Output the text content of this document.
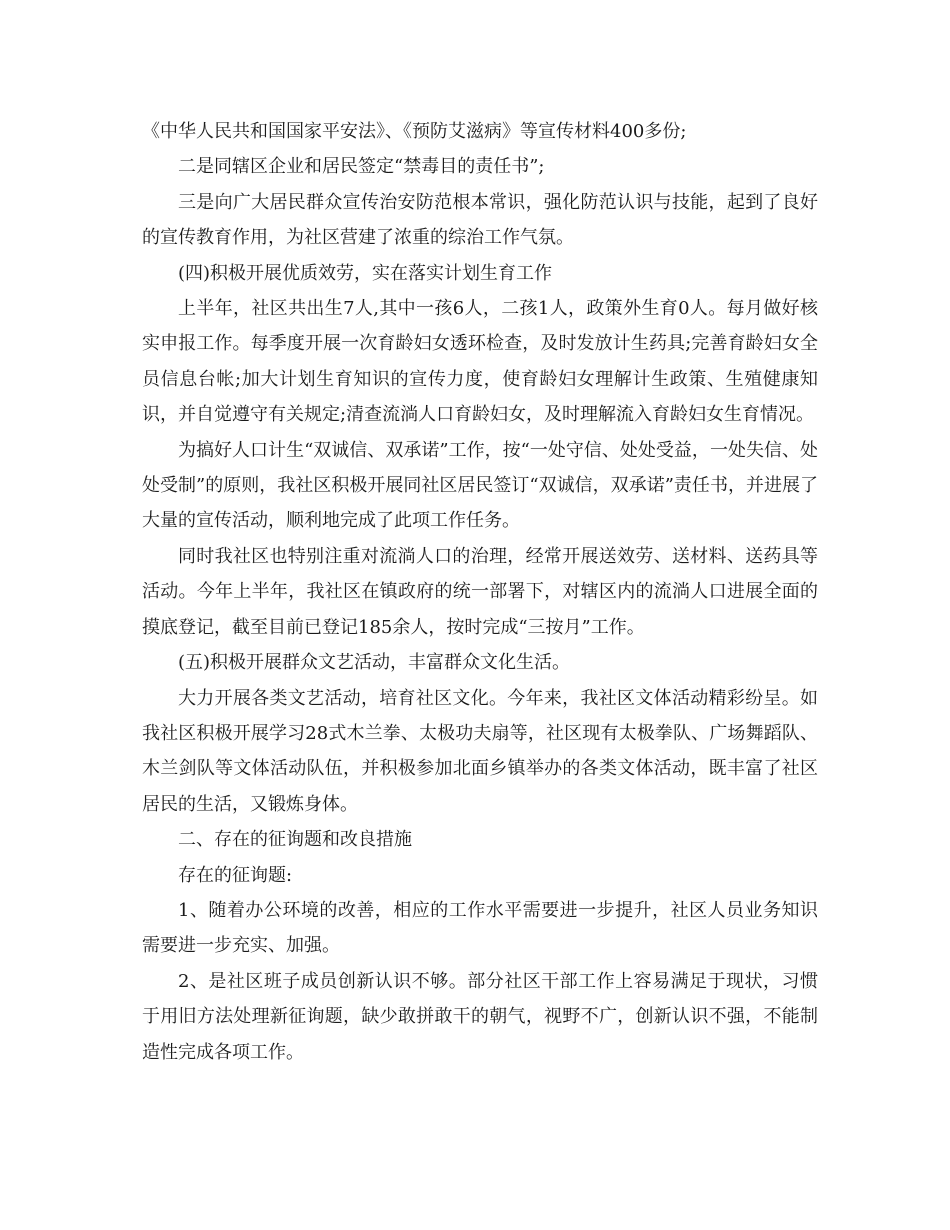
《中华人民共和国国家平安法》、《预防艾滋病》等宣传材料400多份;

二是同辖区企业和居民签定“禁毒目的责任书”;

三是向广大居民群众宣传治安防范根本常识，强化防范认识与技能，起到了良好的宣传教育作用，为社区营建了浓重的综治工作气氛。

(四)积极开展优质效劳，实在落实计划生育工作

上半年，社区共出生7人,其中一孩6人，二孩1人，政策外生育0人。每月做好核实申报工作。每季度开展一次育龄妇女透环检查，及时发放计生药具;完善育龄妇女全员信息台帐;加大计划生育知识的宣传力度，使育龄妇女理解计生政策、生殖健康知识，并自觉遵守有关规定;清查流淌人口育龄妇女，及时理解流入育龄妇女生育情况。

为搞好人口计生“双诚信、双承诺”工作，按“一处守信、处处受益，一处失信、处处受制”的原则，我社区积极开展同社区居民签订“双诚信，双承诺”责任书，并进展了大量的宣传活动，顺利地完成了此项工作任务。

同时我社区也特别注重对流淌人口的治理，经常开展送效劳、送材料、送药具等活动。今年上半年，我社区在镇政府的统一部署下，对辖区内的流淌人口进展全面的摸底登记，截至目前已登记185余人，按时完成“三按月”工作。

(五)积极开展群众文艺活动，丰富群众文化生活。

大力开展各类文艺活动，培育社区文化。今年来，我社区文体活动精彩纷呈。如我社区积极开展学习28式木兰拳、太极功夫扇等，社区现有太极拳队、广场舞蹈队、木兰剑队等文体活动队伍，并积极参加北面乡镇举办的各类文体活动，既丰富了社区居民的生活，又锻炼身体。

二、存在的征询题和改良措施

存在的征询题:

1、随着办公环境的改善，相应的工作水平需要进一步提升，社区人员业务知识需要进一步充实、加强。

2、是社区班子成员创新认识不够。部分社区干部工作上容易满足于现状，习惯于用旧方法处理新征询题，缺少敢拼敢干的朝气，视野不广，创新认识不强，不能制造性完成各项工作。
